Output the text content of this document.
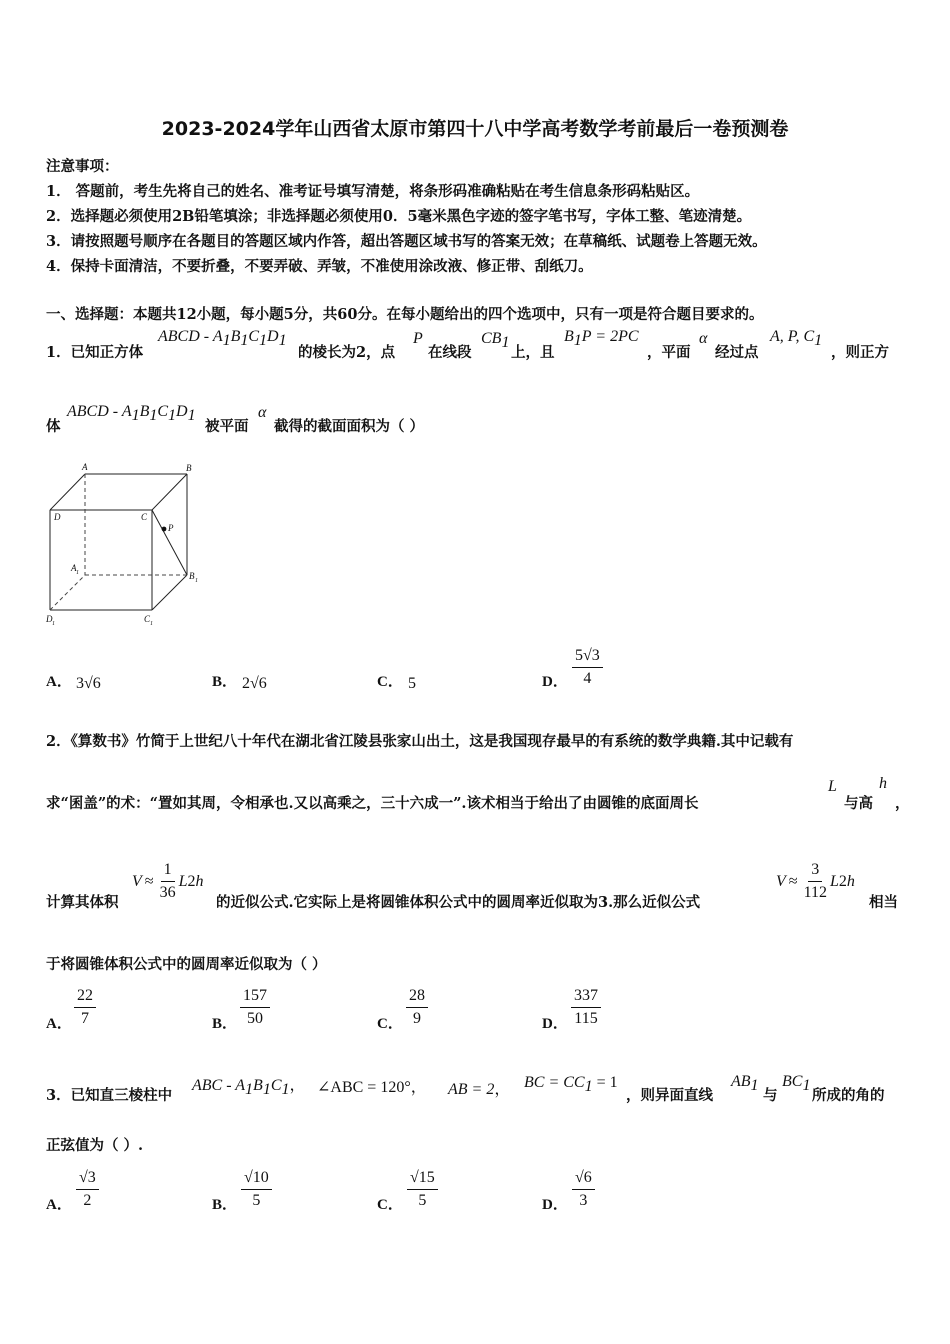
2023-2024学年山西省太原市第四十八中学高考数学考前最后一卷预测卷
注意事项：
1． 答题前，考生先将自己的姓名、准考证号填写清楚，将条形码准确粘贴在考生信息条形码粘贴区。
2．选择题必须使用2B铅笔填涂；非选择题必须使用0．5毫米黑色字迹的签字笔书写，字体工整、笔迹清楚。
3．请按照题号顺序在各题目的答题区域内作答，超出答题区域书写的答案无效；在草稿纸、试题卷上答题无效。
4．保持卡面清洁，不要折叠，不要弄破、弄皱，不准使用涂改液、修正带、刮纸刀。
一、选择题：本题共12小题，每小题5分，共60分。在每小题给出的四个选项中，只有一项是符合题目要求的。
1．已知正方体
ABCD - $A_1B_1C_1D_1$
的棱长为2，点
P
在线段
$CB_1$
上，且
$B_1P = 2PC$
，平面
α
经过点
A, P, $C_1$
，则正方
体
ABCD - $A_1B_1C_1D_1$
被平面
α
截得的截面面积为（ ）
A	B
C
D
P
A 1	B 1
C 1
D 1
A． 3√6	B． 2√6	C． 5	D． $\frac{5√3}{4}$
2．《算数书》竹简于上世纪八十年代在湖北省江陵县张家山出土，这是我国现存最早的有系统的数学典籍.其中记载有
求“囷盖”的术：“置如其周，令相承也.又以高乘之，三十六成一”.该术相当于给出了由圆锥的底面周长
L
与高
h
，
计算其体积
$V \approx \frac{1}{36}$ L 2 h
的近似公式.它实际上是将圆锥体积公式中的圆周率近似取为3.那么近似公式
$V \approx \frac{3}{112}$ L 2 h
相当
于将圆锥体积公式中的圆周率近似取为（ ）
A． $\frac{22}{7}$	B． $\frac{157}{50}$	C． $\frac{28}{9}$	D． $\frac{337}{115}$
3．已知直三棱柱中
ABC - $A_1B_1C_1$， ∠ABC = 120°， AB = 2， BC = $CC_1 = 1$
，则异面直线
$AB_1$
与
$BC_1$
所成的角的
正弦值为（ ）.
A． $\frac{√3}{2}$	B． $\frac{√10}{5}$	C． $\frac{√15}{5}$	D． $\frac{√6}{3}$
